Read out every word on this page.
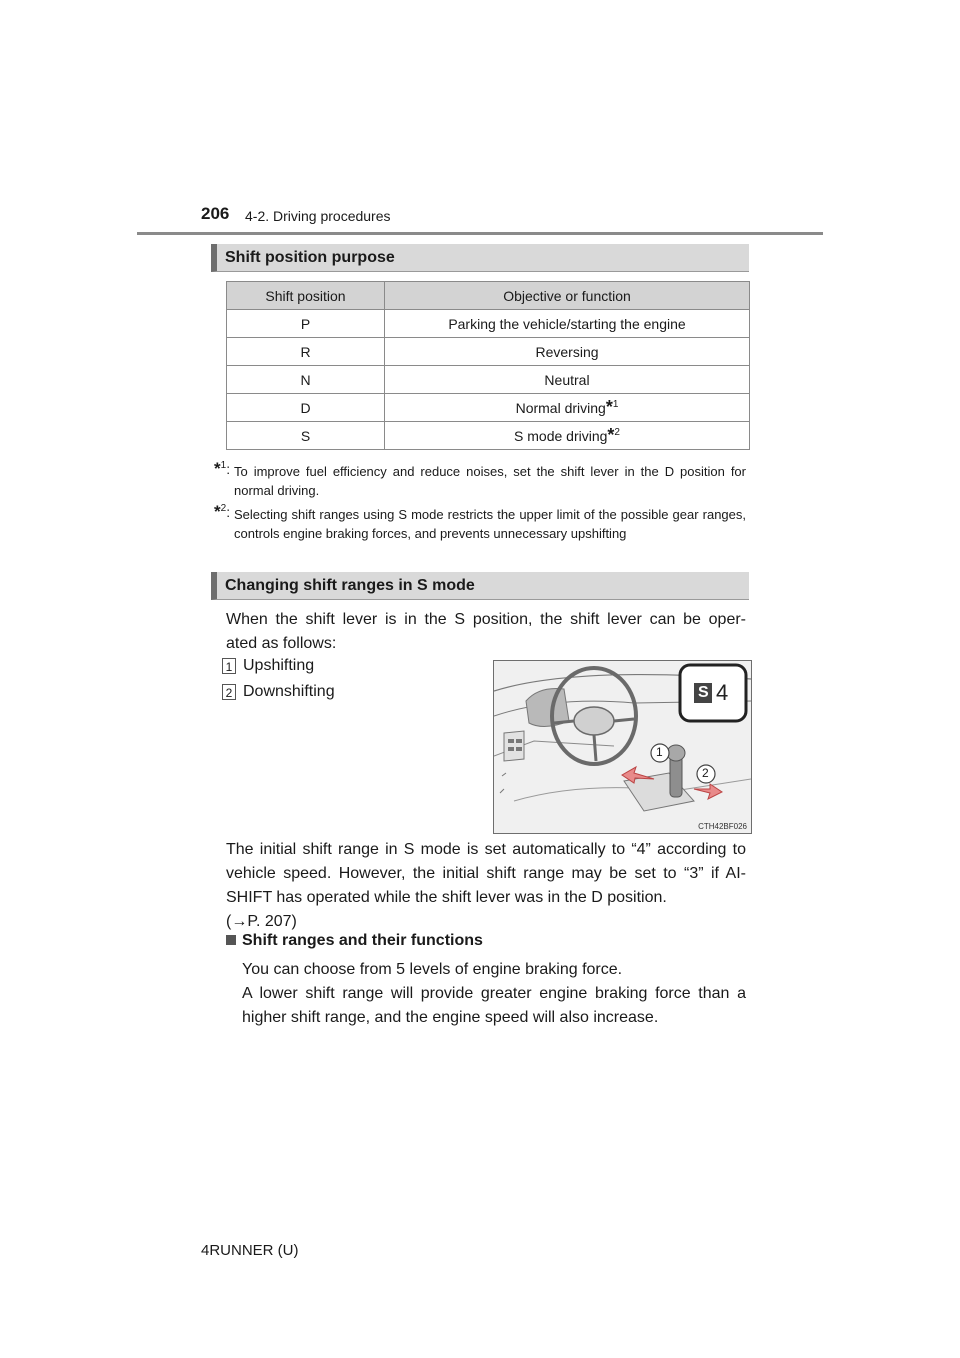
206 4-2. Driving procedures
Shift position purpose
Shift position	Objective or function
P	Parking the vehicle/starting the engine
R	Reversing
N	Neutral
D	Normal driving*$^1$
S	S mode driving*$^2$
*$^1$: To improve fuel efficiency and reduce noises, set the shift lever in the D position for normal driving.
*$^2$: Selecting shift ranges using S mode restricts the upper limit of the possible gear ranges, controls engine braking forces, and prevents unnecessary upshifting
Changing shift ranges in S mode
When the shift lever is in the S position, the shift lever can be oper-
ated as follows:
1 Upshifting
2 Downshifting	S 4
1
2
CTH42BF026
The initial shift range in S mode is set automatically to “4” according to
vehicle speed. However, the initial shift range may be set to “3” if AI-
SHIFT has operated while the shift lever was in the D position.
(→P. 207)
Shift ranges and their functions
You can choose from 5 levels of engine braking force.
A lower shift range will provide greater engine braking force than a
higher shift range, and the engine speed will also increase.
4RUNNER (U)
